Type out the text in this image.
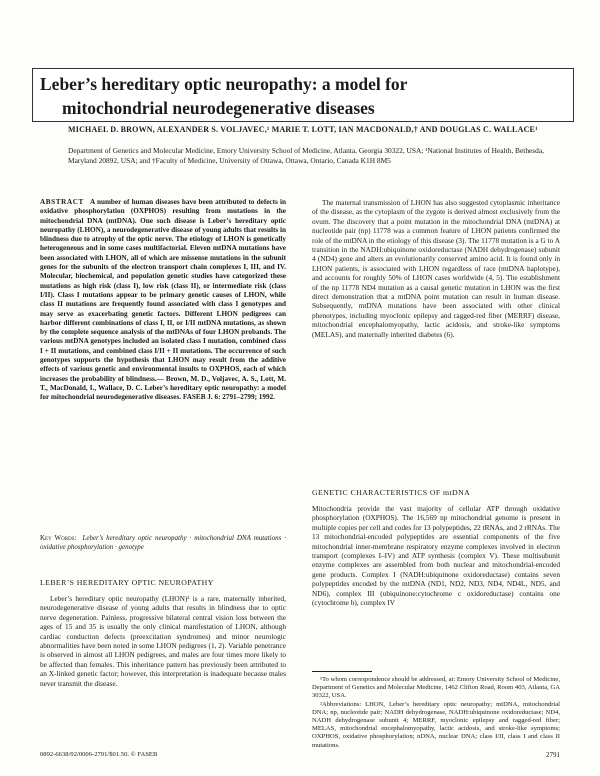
Leber’s hereditary optic neuropathy: a model for
mitochondrial neurodegenerative diseases
MICHAEL D. BROWN, ALEXANDER S. VOLJAVEC,¹ MARIE T. LOTT, IAN MACDONALD,† AND DOUGLAS C. WALLACE¹
Department of Genetics and Molecular Medicine, Emory University School of Medicine, Atlanta, Georgia 30322, USA; ¹National Institutes of Health, Bethesda, Maryland 20892, USA; and †Faculty of Medicine, University of Ottawa, Ottawa, Ontario, Canada K1H 8M5
ABSTRACT A number of human diseases have been attributed to defects in oxidative phosphorylation (OXPHOS) resulting from mutations in the mitochondrial DNA (mtDNA). One such disease is Leber’s hereditary optic neuropathy (LHON), a neurodegenerative disease of young adults that results in blindness due to atrophy of the optic nerve. The etiology of LHON is genetically heterogeneous and in some cases multifactorial. Eleven mtDNA mutations have been associated with LHON, all of which are missense mutations in the subunit genes for the subunits of the electron transport chain complexes I, III, and IV. Molecular, biochemical, and population genetic studies have categorized these mutations as high risk (class I), low risk (class II), or intermediate risk (class I/II). Class I mutations appear to be primary genetic causes of LHON, while class II mutations are frequently found associated with class I genotypes and may serve as exacerbating genetic factors. Different LHON pedigrees can harbor different combinations of class I, II, or I/II mtDNA mutations, as shown by the complete sequence analysis of the mtDNAs of four LHON probands. The various mtDNA genotypes included an isolated class I mutation, combined class I + II mutations, and combined class I/II + II mutations. The occurrence of such genotypes supports the hypothesis that LHON may result from the additive effects of various genetic and environmental insults to OXPHOS, each of which increases the probability of blindness.— Brown, M. D., Voljavec, A. S., Lott, M. T., MacDonald, I., Wallace, D. C. Leber’s hereditary optic neuropathy: a model for mitochondrial neurodegenerative diseases. FASEB J. 6: 2791–2799; 1992.
Key Words: Leber’s hereditary optic neuropathy · mitochondrial DNA mutations · oxidative phosphorylation · genotype
LEBER’S HEREDITARY OPTIC NEUROPATHY
Leber’s hereditary optic neuropathy (LHON)² is a rare, maternally inherited, neurodegenerative disease of young adults that results in blindness due to optic nerve degeneration. Painless, progressive bilateral central vision loss between the ages of 15 and 35 is usually the only clinical manifestation of LHON, although cardiac conduction defects (preexcitation syndromes) and minor neurologic abnormalities have been noted in some LHON pedigrees (1, 2). Variable penetrance is observed in almost all LHON pedigrees, and males are four times more likely to be affected than females. This inheritance pattern has previously been attributed to an X-linked genetic factor; however, this interpretation is inadequate because males never transmit the disease.
The maternal transmission of LHON has also suggested cytoplasmic inheritance of the disease, as the cytoplasm of the zygote is derived almost exclusively from the ovum. The discovery that a point mutation in the mitochondrial DNA (mtDNA) at nucleotide pair (np) 11778 was a common feature of LHON patients confirmed the role of the mtDNA in the etiology of this disease (3). The 11778 mutation is a G to A transition in the NADH:ubiquinone oxidoreductase (NADH dehydrogenase) subunit 4 (ND4) gene and alters an evolutionarily conserved amino acid. It is found only in LHON patients, is associated with LHON regardless of race (mtDNA haplotype), and accounts for roughly 50% of LHON cases worldwide (4, 5). The establishment of the np 11778 ND4 mutation as a causal genetic mutation in LHON was the first direct demonstration that a mtDNA point mutation can result in human disease. Subsequently, mtDNA mutations have been associated with other clinical phenotypes, including myoclonic epilepsy and ragged-red fiber (MERRF) disease, mitochondrial encephalomyopathy, lactic acidosis, and stroke-like symptoms (MELAS), and maternally inherited diabetes (6).
GENETIC CHARACTERISTICS OF mtDNA
Mitochondria provide the vast majority of cellular ATP through oxidative phosphorylation (OXPHOS). The 16,569 np mitochondrial genome is present in multiple copies per cell and codes for 13 polypeptides, 22 tRNAs, and 2 rRNAs. The 13 mitochondrial-encoded polypeptides are essential components of the five mitochondrial inner-membrane respiratory enzyme complexes involved in electron transport (complexes I–IV) and ATP synthesis (complex V). These multisubunit enzyme complexes are assembled from both nuclear and mitochondrial-encoded gene products. Complex I (NADH:ubiquinone oxidoreductase) contains seven polypeptides encoded by the mtDNA (ND1, ND2, ND3, ND4, ND4L, ND5, and ND6), complex III (ubiquinone:cytochrome c oxidoreductase) contains one (cytochrome b), complex IV

¹To whom correspondence should be addressed, at: Emory University School of Medicine, Department of Genetics and Molecular Medicine, 1462 Clifton Road, Room 403, Atlanta, GA 30322, USA.

²Abbreviations: LHON, Leber’s hereditary optic neuropathy; mtDNA, mitochondrial DNA; np, nucleotide pair; NADH dehydrogenase, NADH:ubiquinone oxidoreductase; ND4, NADH dehydrogenase subunit 4; MERRF, myoclonic epilepsy and ragged-red fiber; MELAS, mitochondrial encephalomyopathy, lactic acidosis, and stroke-like symptoms; OXPHOS, oxidative phosphorylation; nDNA, nuclear DNA; class I/II, class I and class II mutations.

0892-6638/92/0006-2791/$01.50. © FASEB	2791
